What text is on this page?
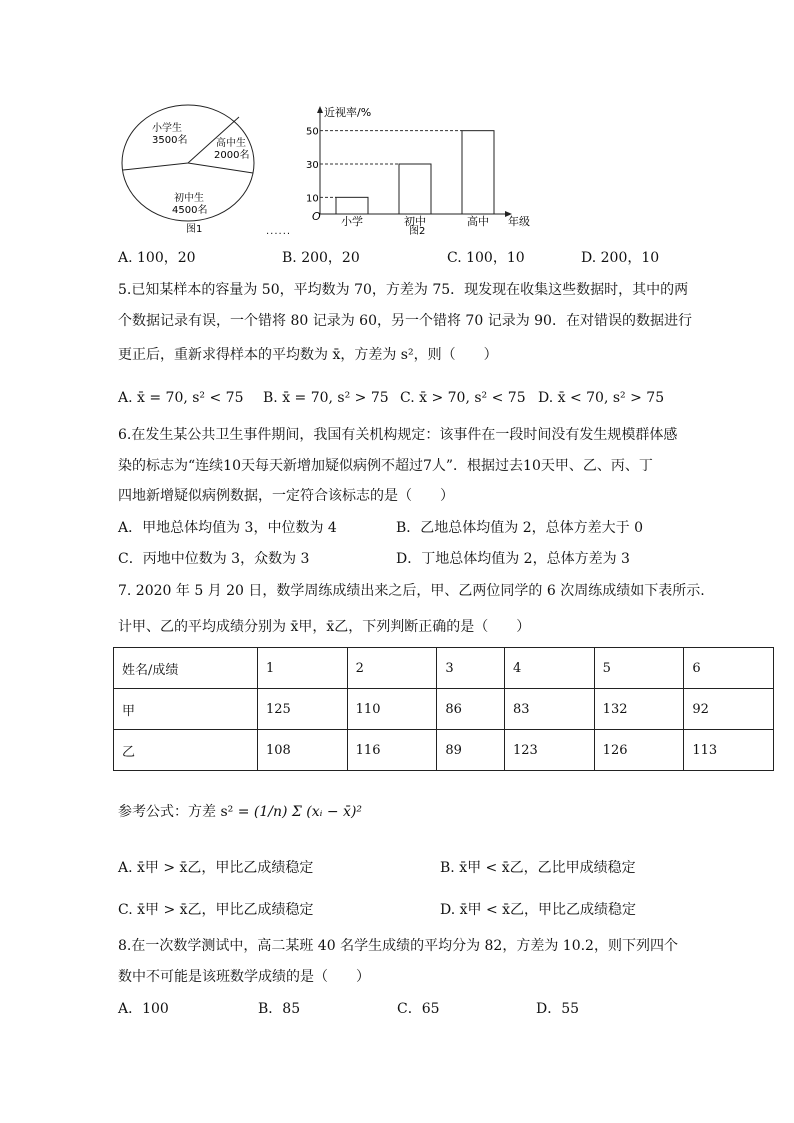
小学生
3500名	高中生
2000名
初中生
4500名
图1	......
近视率/%
O	年级
图2
10
30
50
小学	初中	高中
A. 100，20	B. 200，20	C. 100，10	D. 200，10
5.已知某样本的容量为 50，平均数为 70，方差为 75．现发现在收集这些数据时，其中的两
个数据记录有误，一个错将 80 记录为 60，另一个错将 70 记录为 90．在对错误的数据进行
更正后，重新求得样本的平均数为 x̄，方差为 s²，则（　　）
A. x̄ = 70, s² < 75 B. x̄ = 70, s² > 75 C. x̄ > 70, s² < 75 D. x̄ < 70, s² > 75
6.在发生某公共卫生事件期间，我国有关机构规定：该事件在一段时间没有发生规模群体感
染的标志为“连续10天每天新增加疑似病例不超过7人”．根据过去10天甲、乙、丙、丁
四地新增疑似病例数据，一定符合该标志的是（　　）
A．甲地总体均值为 3，中位数为 4	B．乙地总体均值为 2，总体方差大于 0
C．丙地中位数为 3，众数为 3	D．丁地总体均值为 2，总体方差为 3
7. 2020 年 5 月 20 日，数学周练成绩出来之后，甲、乙两位同学的 6 次周练成绩如下表所示.
计甲、乙的平均成绩分别为 x̄甲，x̄乙，下列判断正确的是（　　）
姓名/成绩	1	2	3	4	5	6
甲	125	110	86	83	132	92
乙	108	116	89	123	126	113
参考公式：方差 s² = (1/n) Σ (xᵢ − x̄)²
A. x̄甲 > x̄乙，甲比乙成绩稳定	B. x̄甲 < x̄乙，乙比甲成绩稳定
C. x̄甲 > x̄乙，甲比乙成绩稳定	D. x̄甲 < x̄乙，甲比乙成绩稳定
8.在一次数学测试中，高二某班 40 名学生成绩的平均分为 82，方差为 10.2，则下列四个
数中不可能是该班数学成绩的是（　　）
A．100	B．85	C．65	D．55
